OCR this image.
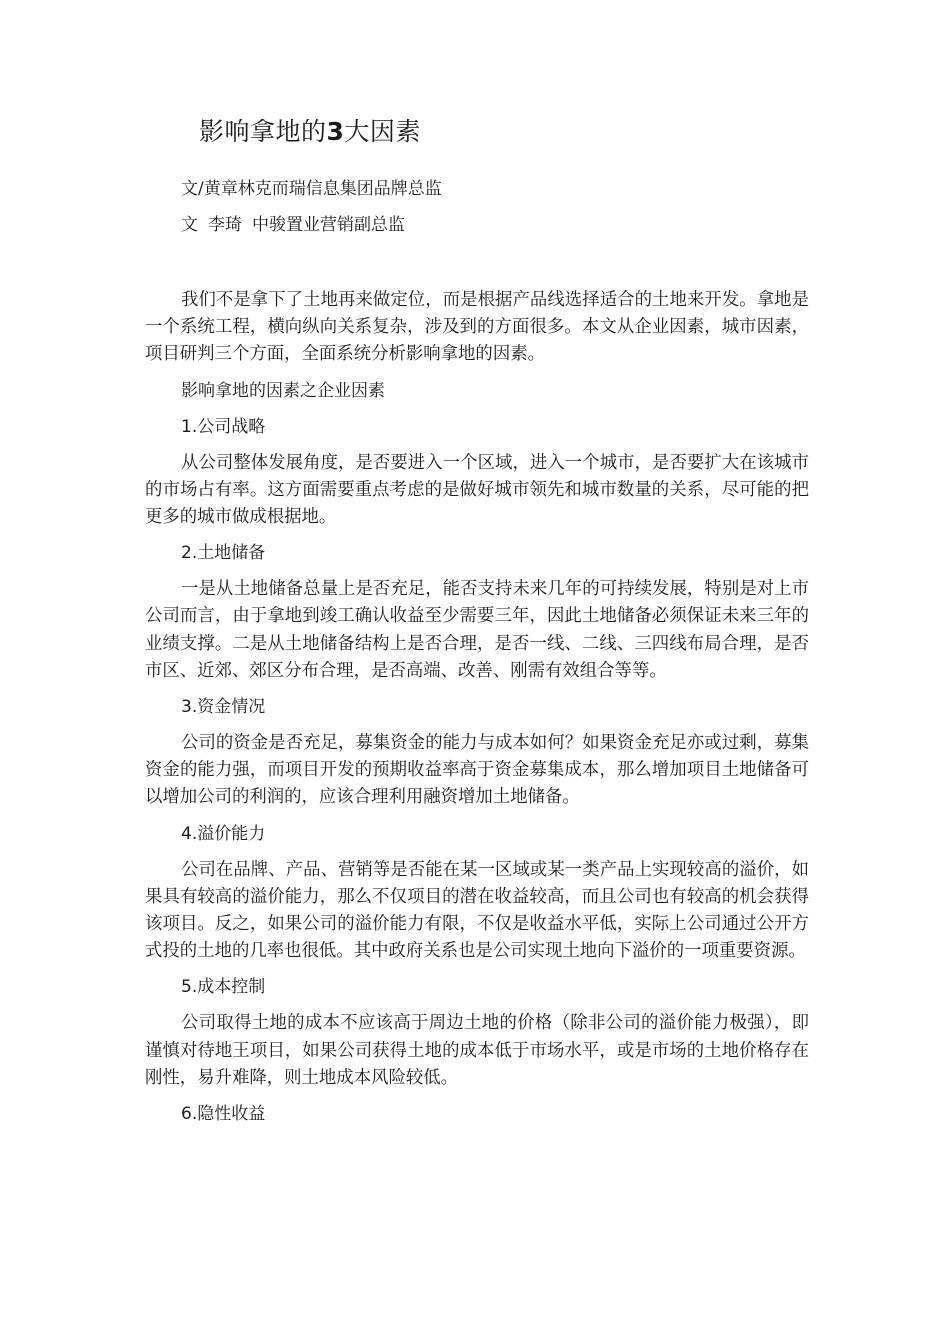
影响拿地的3大因素

文/黄章林克而瑞信息集团品牌总监

文 李琦 中骏置业营销副总监

我们不是拿下了土地再来做定位，而是根据产品线选择适合的土地来开发。拿地是一个系统工程，横向纵向关系复杂，涉及到的方面很多。本文从企业因素，城市因素，项目研判三个方面，全面系统分析影响拿地的因素。

影响拿地的因素之企业因素

1.公司战略

从公司整体发展角度，是否要进入一个区域，进入一个城市，是否要扩大在该城市的市场占有率。这方面需要重点考虑的是做好城市领先和城市数量的关系，尽可能的把更多的城市做成根据地。

2.土地储备

一是从土地储备总量上是否充足，能否支持未来几年的可持续发展，特别是对上市公司而言，由于拿地到竣工确认收益至少需要三年，因此土地储备必须保证未来三年的业绩支撑。二是从土地储备结构上是否合理，是否一线、二线、三四线布局合理，是否市区、近郊、郊区分布合理，是否高端、改善、刚需有效组合等等。

3.资金情况

公司的资金是否充足，募集资金的能力与成本如何？如果资金充足亦或过剩，募集资金的能力强，而项目开发的预期收益率高于资金募集成本，那么增加项目土地储备可以增加公司的利润的，应该合理利用融资增加土地储备。

4.溢价能力

公司在品牌、产品、营销等是否能在某一区域或某一类产品上实现较高的溢价，如果具有较高的溢价能力，那么不仅项目的潜在收益较高，而且公司也有较高的机会获得该项目。反之，如果公司的溢价能力有限，不仅是收益水平低，实际上公司通过公开方式投的土地的几率也很低。其中政府关系也是公司实现土地向下溢价的一项重要资源。

5.成本控制

公司取得土地的成本不应该高于周边土地的价格（除非公司的溢价能力极强），即谨慎对待地王项目，如果公司获得土地的成本低于市场水平，或是市场的土地价格存在刚性，易升难降，则土地成本风险较低。

6.隐性收益
